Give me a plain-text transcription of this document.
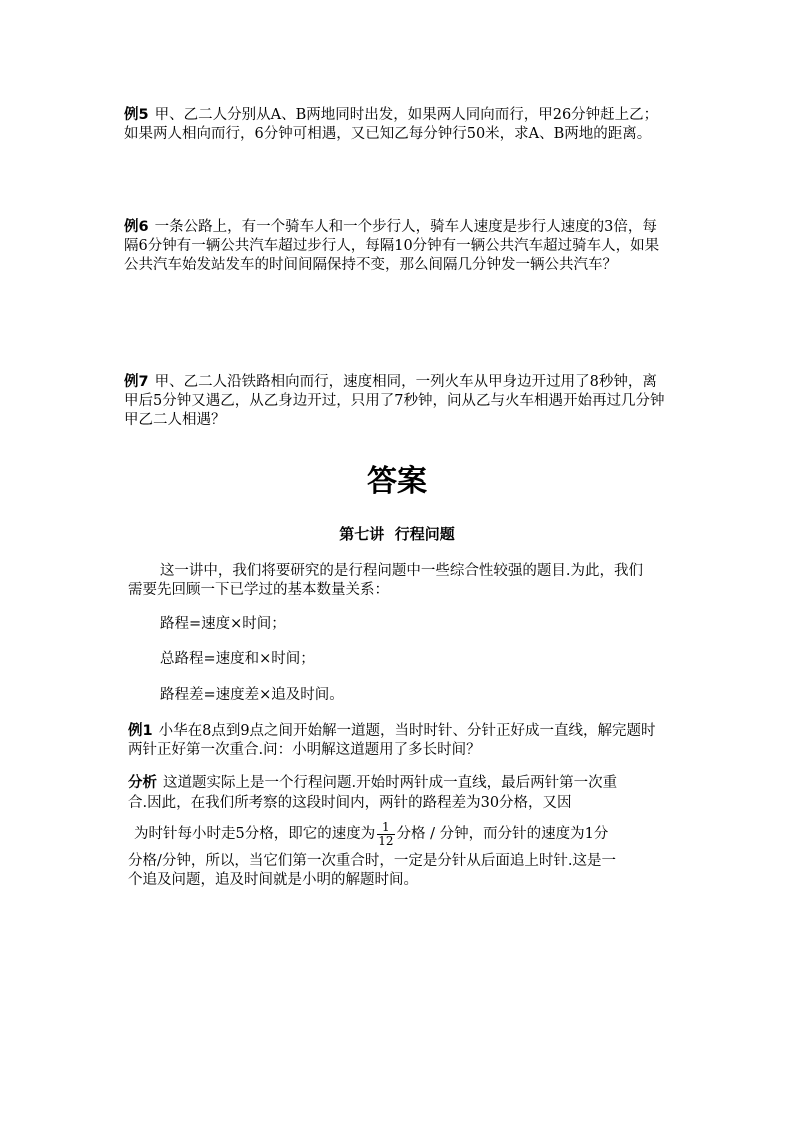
例5 甲、乙二人分别从A、B两地同时出发，如果两人同向而行，甲26分钟赶上乙；如果两人相向而行，6分钟可相遇，又已知乙每分钟行50米，求A、B两地的距离。
例6 一条公路上，有一个骑车人和一个步行人，骑车人速度是步行人速度的3倍，每隔6分钟有一辆公共汽车超过步行人，每隔10分钟有一辆公共汽车超过骑车人，如果公共汽车始发站发车的时间间隔保持不变，那么间隔几分钟发一辆公共汽车？
例7 甲、乙二人沿铁路相向而行，速度相同，一列火车从甲身边开过用了8秒钟，离甲后5分钟又遇乙，从乙身边开过，只用了7秒钟，问从乙与火车相遇开始再过几分钟甲乙二人相遇？
答案
第七讲  行程问题
这一讲中，我们将要研究的是行程问题中一些综合性较强的题目.为此，我们需要先回顾一下已学过的基本数量关系：
路程=速度×时间；
总路程=速度和×时间；
路程差=速度差×追及时间。
例1 小华在8点到9点之间开始解一道题，当时时针、分针正好成一直线，解完题时两针正好第一次重合.问：小明解这道题用了多长时间？
分析 这道题实际上是一个行程问题.开始时两针成一直线，最后两针第一次重
合.因此，在我们所考察的这段时间内，两针的路程差为30分格，又因
为时针每小时走5分格，即它的速度为 $\frac{1}{12}$ 分格 / 分钟，而分针的速度为1分
分格/分钟，所以，当它们第一次重合时，一定是分针从后面追上时针.这是一
个追及问题，追及时间就是小明的解题时间。
